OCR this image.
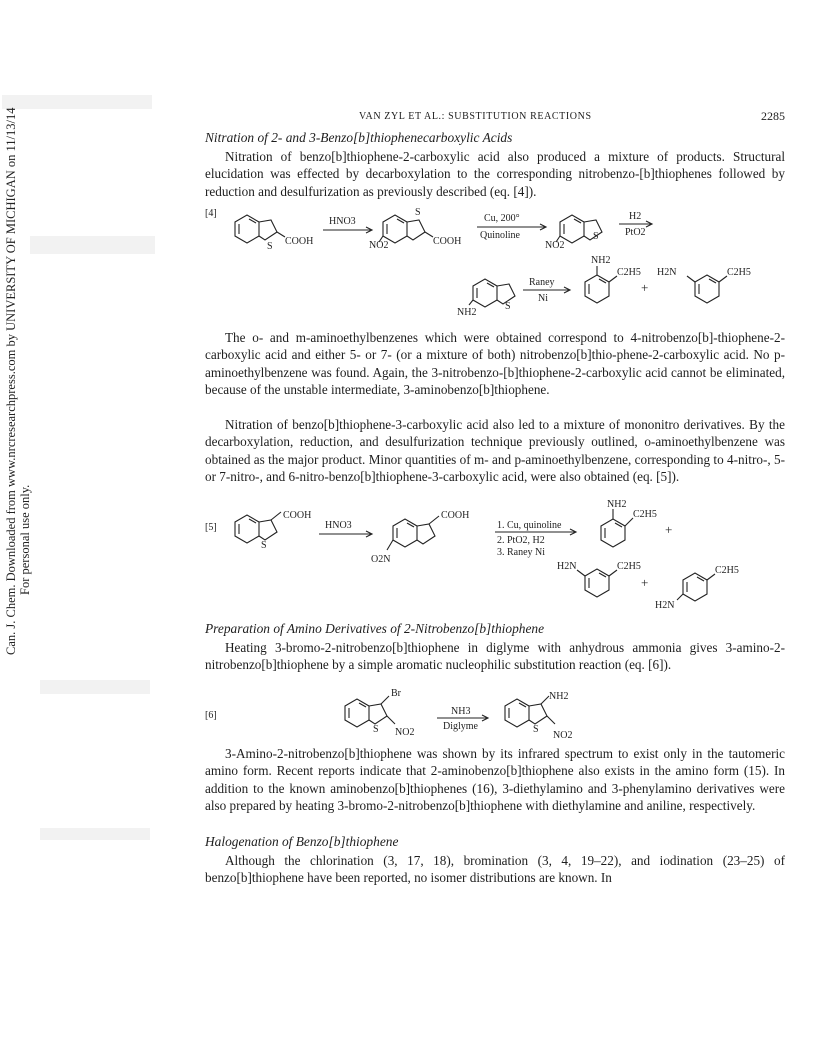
Can. J. Chem. Downloaded from www.nrcresearchpress.com by UNIVERSITY OF MICHIGAN on 11/13/14 For personal use only.
VAN ZYL ET AL.: SUBSTITUTION REACTIONS	2285
Nitration of 2- and 3-Benzo[b]thiophenecarboxylic Acids

Nitration of benzo[b]thiophene-2-carboxylic acid also produced a mixture of products. Structural elucidation was effected by decarboxylation to the corresponding nitrobenzo-[b]thiophenes followed by reduction and desulfurization as previously described (eq. [4]).

[4]
S COOH
HNO3
S
COOH
NO2
Cu, 200°
Quinoline	S
NO2
H2
PtO2
S
NH2
Raney
Ni
NH2
C2H5 H2N	C2H5
+

The o- and m-aminoethylbenzenes which were obtained correspond to 4-nitrobenzo[b]-thiophene-2-carboxylic acid and either 5- or 7- (or a mixture of both) nitrobenzo[b]thio-phene-2-carboxylic acid. No p-aminoethylbenzene was found. Again, the 3-nitrobenzo-[b]thiophene-2-carboxylic acid cannot be eliminated, because of the unstable intermediate, 3-aminobenzo[b]thiophene.

Nitration of benzo[b]thiophene-3-carboxylic acid also led to a mixture of mononitro derivatives. By the decarboxylation, reduction, and desulfurization technique previously outlined, o-aminoethylbenzene was obtained as the major product. Minor quantities of m- and p-aminoethylbenzene, corresponding to 4-nitro-, 5- or 7-nitro-, and 6-nitro-benzo[b]thiophene-3-carboxylic acid, were also obtained (eq. [5]).

[5]
COOH
S
HNO3
COOH
O2N
1. Cu, quinoline
2. PtO2, H2
3. Raney Ni
NH2
C2H5
+
H2N	C2H5
+
C2H5
H2N
Preparation of Amino Derivatives of 2-Nitrobenzo[b]thiophene

Heating 3-bromo-2-nitrobenzo[b]thiophene in diglyme with anhydrous ammonia gives 3-amino-2-nitrobenzo[b]thiophene by a simple aromatic nucleophilic substitution reaction (eq. [6]).

[6]
Br
S NO2
NH3
Diglyme
NH2
S
NO2

3-Amino-2-nitrobenzo[b]thiophene was shown by its infrared spectrum to exist only in the tautomeric amino form. Recent reports indicate that 2-aminobenzo[b]thiophene also exists in the amino form (15). In addition to the known aminobenzo[b]thiophenes (16), 3-diethylamino and 3-phenylamino derivatives were also prepared by heating 3-bromo-2-nitrobenzo[b]thiophene with diethylamine and aniline, respectively.

Halogenation of Benzo[b]thiophene

Although the chlorination (3, 17, 18), bromination (3, 4, 19–22), and iodination (23–25) of benzo[b]thiophene have been reported, no isomer distributions are known. In
